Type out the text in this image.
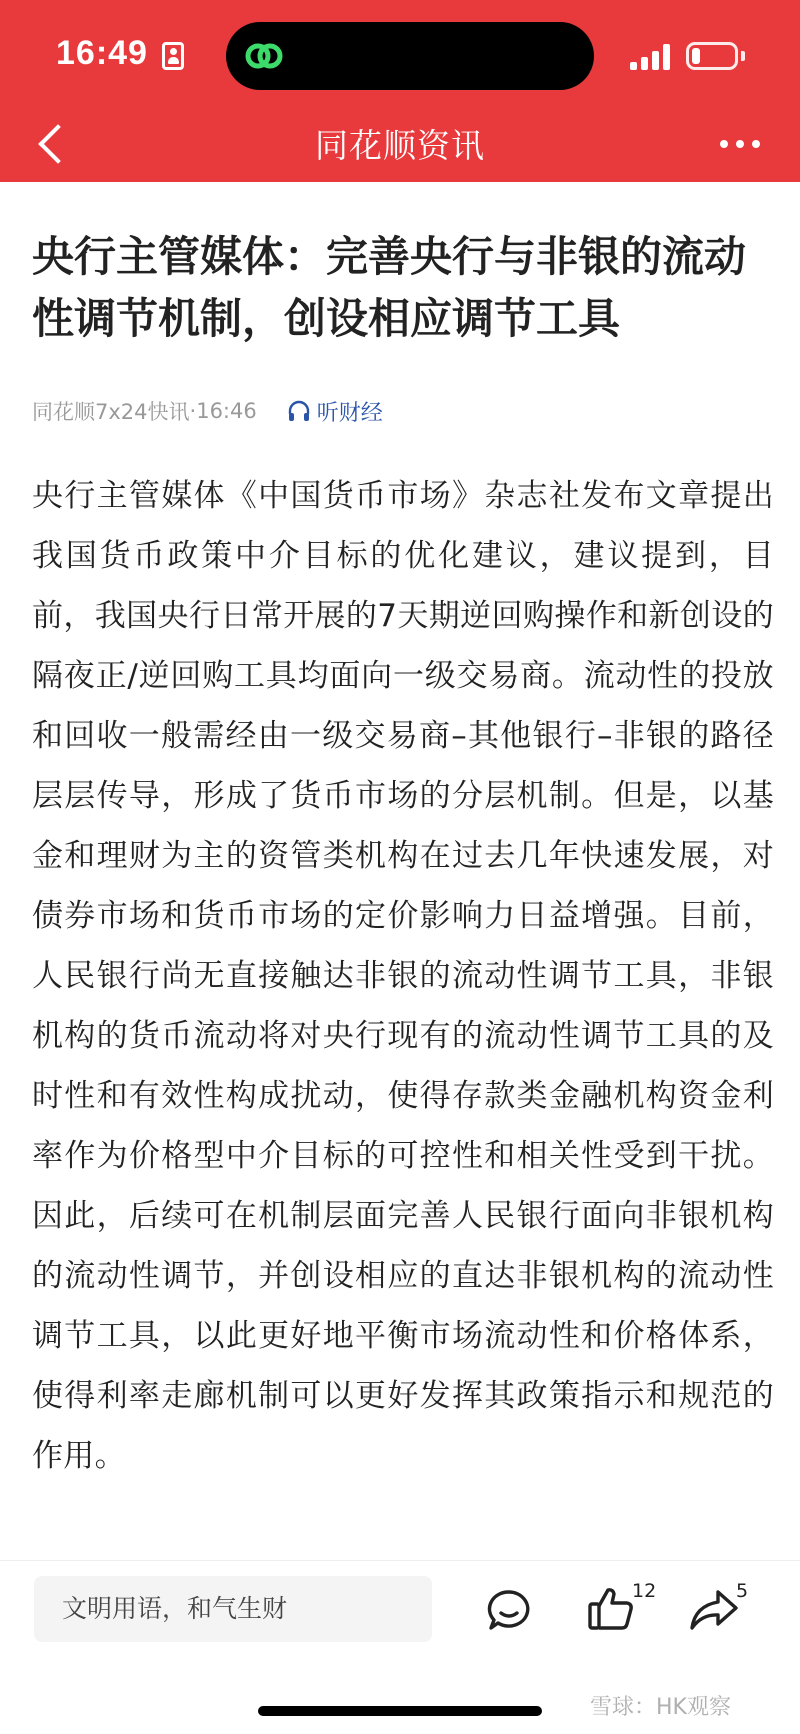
16:49
同花顺资讯
央行主管媒体：完善央行与非银的流动性调节机制，创设相应调节工具
同花顺7x24快讯 · 16:46	听财经
央行主管媒体《中国货币市场》杂志社发布文章提出我国货币政策中介目标的优化建议，建议提到，目前，我国央行日常开展的7天期逆回购操作和新创设的隔夜正/逆回购工具均面向一级交易商。流动性的投放和回收一般需经由一级交易商–其他银行–非银的路径层层传导，形成了货币市场的分层机制。但是，以基金和理财为主的资管类机构在过去几年快速发展，对债券市场和货币市场的定价影响力日益增强。目前，人民银行尚无直接触达非银的流动性调节工具，非银机构的货币流动将对央行现有的流动性调节工具的及时性和有效性构成扰动，使得存款类金融机构资金利率作为价格型中介目标的可控性和相关性受到干扰。因此，后续可在机制层面完善人民银行面向非银机构的流动性调节，并创设相应的直达非银机构的流动性调节工具，以此更好地平衡市场流动性和价格体系，使得利率走廊机制可以更好发挥其政策指示和规范的作用。
文明用语，和气生财
12	5
雪球：HK观察
